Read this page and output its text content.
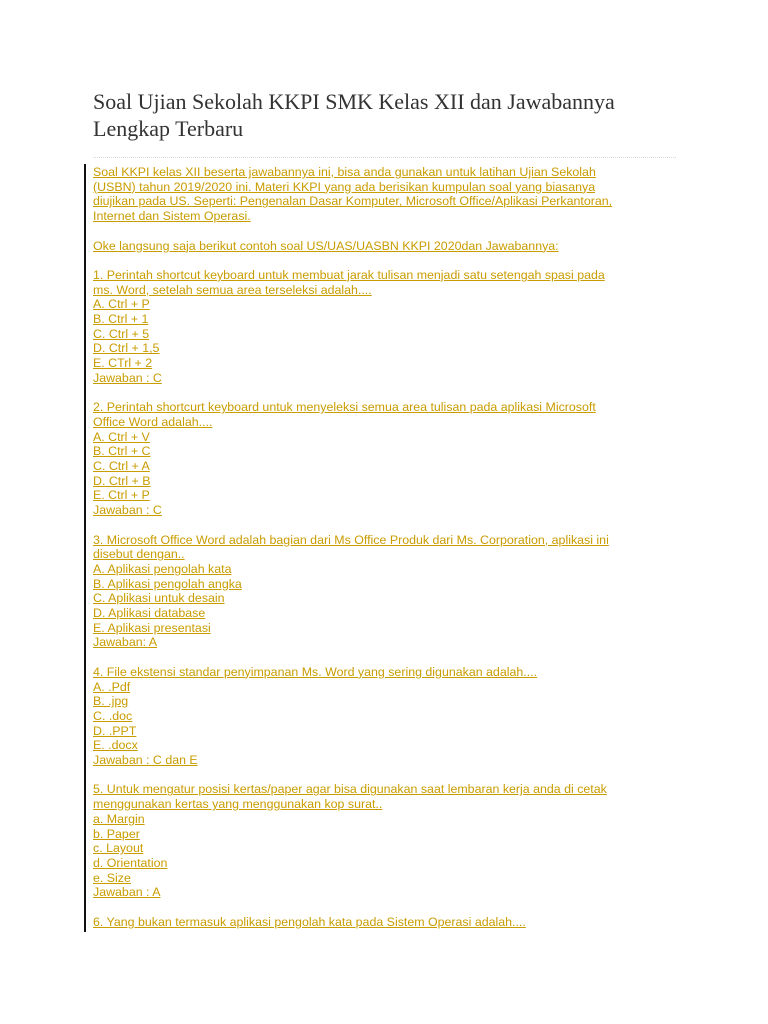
Soal Ujian Sekolah KKPI SMK Kelas XII dan Jawabannya
Lengkap Terbaru
Soal KKPI kelas XII beserta jawabannya ini, bisa anda gunakan untuk latihan Ujian Sekolah
(USBN) tahun 2019/2020 ini. Materi KKPI yang ada berisikan kumpulan soal yang biasanya
diujikan pada US. Seperti: Pengenalan Dasar Komputer, Microsoft Office/Aplikasi Perkantoran,
Internet dan Sistem Operasi.
Oke langsung saja berikut contoh soal US/UAS/UASBN KKPI 2020dan Jawabannya:
1. Perintah shortcut keyboard untuk membuat jarak tulisan menjadi satu setengah spasi pada
ms. Word, setelah semua area terseleksi adalah....
A. Ctrl + P
B. Ctrl + 1
C. Ctrl + 5
D. Ctrl + 1,5
E. CTrl + 2
Jawaban : C
2. Perintah shortcurt keyboard untuk menyeleksi semua area tulisan pada aplikasi Microsoft
Office Word adalah....
A. Ctrl + V
B. Ctrl + C
C. Ctrl + A
D. Ctrl + B
E. Ctrl + P
Jawaban : C
3. Microsoft Office Word adalah bagian dari Ms Office Produk dari Ms. Corporation, aplikasi ini
disebut dengan..
A. Aplikasi pengolah kata
B. Aplikasi pengolah angka
C. Aplikasi untuk desain
D. Aplikasi database
E. Aplikasi presentasi
Jawaban: A
4. File ekstensi standar penyimpanan Ms. Word yang sering digunakan adalah....
A. .Pdf
B. .jpg
C. .doc
D. .PPT
E. .docx
Jawaban : C dan E
5. Untuk mengatur posisi kertas/paper agar bisa digunakan saat lembaran kerja anda di cetak
menggunakan kertas yang menggunakan kop surat..
a. Margin
b. Paper
c. Layout
d. Orientation
e. Size
Jawaban : A
6. Yang bukan termasuk aplikasi pengolah kata pada Sistem Operasi adalah....
